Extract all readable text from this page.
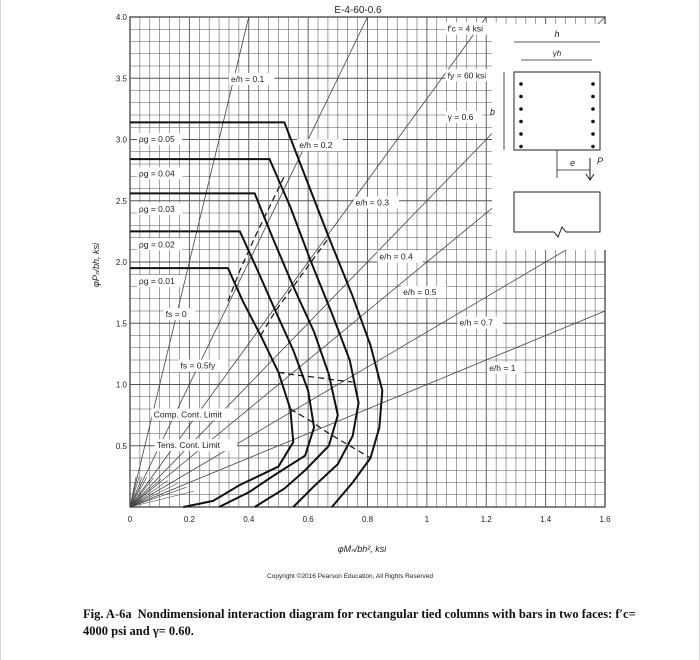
0	0.2	0.4	0.6	0.8	1	1.2	1.4	1.6
0.5
1.0
1.5
2.0
2.5
3.0
3.5
4.0
f′c = 4 ksi
fy = 60 ksi
γ = 0.6
ρg = 0.05
ρg = 0.04
ρg = 0.03
ρg = 0.02
ρg = 0.01
fs = 0
fs = 0.5fy
Comp. Cont. Limit
Tens. Cont. Limit
e/h = 0.1
e/h = 0.2
e/h = 0.3
e/h = 0.4
e/h = 0.5
e/h = 0.7
e/h = 1
E-4-60-0.6
φPₙ/bh, ksi
φMₙ/bh², ksi
h
γh
b
e P
Copyright ©2016 Pearson Education, All Rights Reserved
Fig. A-6a Nondimensional interaction diagram for rectangular tied columns with bars in two faces: f′c= 4000 psi and γ= 0.60.
